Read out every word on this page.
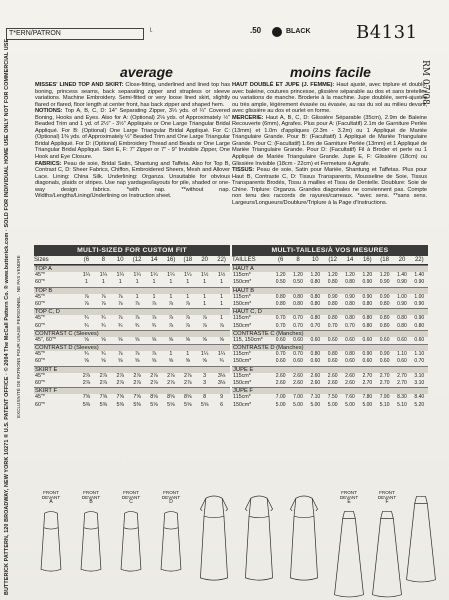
T*ERN/PATRON	ᴸ	.50	BLACK	B4131
RM 07/08
BUTTERICK PATTERN, 120 BROADWAY, NEW YORK 10271 ® U.S. PATENT OFFICE · © 2004 The McCall Pattern Co. ® www.butterick.com · SOLD FOR INDIVIDUAL HOME USE ONLY NOT FOR COMMERCIAL USE EXCLUSIVITÉ DE PATRONS POUR USAGE PERSONNEL · NE PAS VENDRE
average	moins facile

MISSES' LINED TOP AND SKIRT: Close-fitting, underlined and lined top has boning, princess seams, back separating zipper and strapless or sleeve variations. Machine Embroidery. Semi-fitted or very loose lined skirt, slightly flared or flared, floor length at center front, has back zipper and shaped hem.

NOTIONS: Top A, B, C, D: 14" Separating Zipper, 3⅓ yds. of ¼" Covered Boning, Hooks and Eyes. Also for A: (Optional) 2⅛ yds. of Approximately ½" Beaded Trim and 1 yd. of 2½" - 3½" Appliqués or One Large Triangular Bridal Appliqué. For B: (Optional) One Large Triangular Bridal Appliqué. For C: (Optional) 1⅜ yds. of Approximately ½" Beaded Trim and One Large Triangular Bridal Appliqué. For D: (Optional) Embroidery Thread and Beads or One Large Triangular Bridal Appliqué. Skirt E, F: 7" Zipper or 7" - 9" Invisible Zipper, One Hook and Eye Closure.

FABRICS: Peau de soie, Bridal Satin, Shantung and Taffeta. Also for Top B, Contrast C, D: Sheer Fabrics, Chiffon, Embroidered Sheers, Mesh and Allover Lace. Lining: China Silk. Underlining: Organza. Unsuitable for obvious diagonals, plaids or stripes. Use nap yardages/layouts for pile, shaded or one-way design fabrics. *with nap. **without nap. Widths/Lengths/Lining/Underlining on Instruction sheet.

HAUT DOUBLÉ ET JUPE (J. FEMME): Haut ajusté, avec triplure et doublé, avec baleine, coutures princesse, glissière séparable au dos et sans bretelles ou variations de manche. Broderie à la machine. Jupe doublée, semi-ajustée ou très ample, légèrement évasée ou évasée, au ras du sol au milieu devant, avec glissière au dos et ourlet en forme.

MERCERIE: Haut A, B, C, D: Glissière Séparable (35cm), 2.9m de Baleine Recouverte (6mm), Agrafes. Plus pour A: (Facultatif) 2.1m de Garniture Perlée (13mm) et 1.0m d'appliques (2.3m - 3.2m) ou 1 Appliqué de Mariée Triangulaire Grande. Pour B: (Facultatif) 1 Appliqué de Mariée Triangulaire Grande. Pour C: (Facultatif) 1.6m de Garniture Perlée (13mm) et 1 Appliqué de Mariée Triangulaire Grande. Pour D: (Facultatif) Fil à Broder et perle ou 1 Appliqué de Mariée Triangulaire Grande. Jupe E, F: Glissière (18cm) ou Glissière Invisible (18cm - 22cm) et Fermeture à Agrafe.

TISSUS: Peau de soie, Satin pour Mariée, Shantung et Taffetas. Plus pour Haut B, Contraste C, D: Tissus Transparents, Mousseline de Soie, Tissus Transparents Brodés, Tissu à mailles et Tissu de Dentelle. Doublure: Soie de Chine. Triplure: Organza. Grandes diagonales ne conviennent pas. Compte non tenu des raccords de rayures/carreaux. *avec sens. **sans sens. Largeurs/Longueurs/Doublure/Triplure à la Page d'Instructions.

MULTI-SIZED FOR CUSTOM FIT
Sizes	(6	8	10	(12	14	16)	(18	20	22)
TOP A
45"*	1¼	1¼	1¼	1¼	1¼	1¼	1¼	1½	1½
60"*	1	1	1	1	1	1	1	1	1
TOP B
45"*	⅞	⅞	⅞	1	1	1	1	1	1
60"*	⅞	⅞	⅞	⅞	⅞	⅞	⅞	1	1
TOP C, D
45"*	¾	¾	⅞	⅞	⅞	⅞	⅞	⅞	1
60"*	¾	¾	¾	¾	¾	⅞	⅞	⅞	⅞
CONTRAST C (Sleeves)
45", 60"*	⅝	⅝	⅝	⅝	⅝	⅝	⅝	⅝	⅝
CONTRAST D (Sleeves)
45"*	¾	¾	⅞	⅞	⅞	1	1	1¼	1¼
60"*	⅝	⅝	⅝	⅝	⅝	⅝	⅝	⅝	¾
SKIRT E
45"*	2⅞	2⅞	2⅞	2⅞	2⅞	2⅞	2⅞	3	3⅛
60"*	2⅞	2⅞	2⅞	2⅞	2⅞	2⅞	2⅞	3	3⅛
SKIRT F
45"*	7⅝	7⅝	7⅝	7⅝	8⅝	8⅝	8⅝	8	9
60"*	5⅜	5⅜	5⅜	5⅜	5⅝	5⅝	5⅝	5⅝	6
MULTI-TAILLES/À VOS MESURES
TAILLES	(6	8	10	(12	14	16)	(18	20	22)
HAUT A
115cm*	1.20	1.20	1.20	1.20	1.20	1.20	1.20	1.40	1.40
150cm*	0.50	0.50	0.80	0.80	0.80	0.90	0.90	0.90	0.90
HAUT B
115cm*	0.80	0.80	0.80	0.90	0.90	0.90	0.90	1.00	1.00
150cm*	0.80	0.80	0.80	0.80	0.80	0.80	0.80	0.90	0.90
HAUT C, D
115cm*	0.70	0.70	0.80	0.80	0.80	0.80	0.80	0.80	0.90
150cm*	0.70	0.70	0.70	0.70	0.70	0.80	0.80	0.80	0.80
CONTRASTE C (Manches)
115, 150cm*	0.60	0.60	0.60	0.60	0.60	0.60	0.60	0.60	0.60
CONTRASTE D (Manches)
115cm*	0.70	0.70	0.80	0.80	0.80	0.90	0.90	1.10	1.10
150cm*	0.60	0.60	0.60	0.60	0.60	0.60	0.60	0.60	0.70
JUPE E
115cm*	2.60	2.60	2.60	2.60	2.60	2.70	2.70	2.70	3.10
150cm*	2.60	2.60	2.60	2.60	2.60	2.70	2.70	2.70	3.10
JUPE F
115cm*	7.00	7.00	7.10	7.50	7.60	7.80	7.90	8.30	8.40
150cm*	5.00	5.00	5.00	5.00	5.00	5.00	5.10	5.10	5.20
FRONT
DEVANT
A
FRONT
DEVANT
B
FRONT
DEVANT
C
FRONT
DEVANT
D
FRONT
DEVANT
E
FRONT
DEVANT
F
